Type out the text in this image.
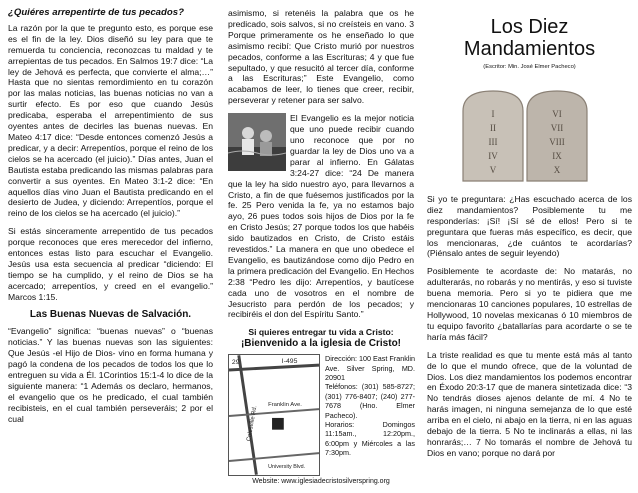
¿Quiéres arrepentirte de tus pecados?

La razón por la que te pregunto esto, es porque ese es el fin de la ley. Dios diseñó su ley para que te remuerda tu conciencia, reconozcas tu maldad y te arrepientas de tus pecados. En Salmos 19:7 dice: “La ley de Jehová es perfecta, que convierte el alma;…” Hasta que no sientas remordimiento en tu corazón por las malas noticias, las buenas noticias no van a surtir efecto. Es por eso que cuando Jesús predicaba, esperaba el arrepentimiento de sus oyentes antes de decirles las buenas nuevas. En Mateo 4:17 dice: “Desde entonces comenzó Jesús a predicar, y a decir: Arrepentíos, porque el reino de los cielos se ha acercado (el juicio).” Días antes, Juan el Bautista estaba predicando las mismas palabras para convertir a sus oyentes. En Mateo 3:1-2 dice: “En aquellos días vino Juan el Bautista predicando en el desierto de Judea, y diciendo: Arrepentíos, porque el reino de los cielos se ha acercado (el juicio).”

Si estás sinceramente arrepentido de tus pecados porque reconoces que eres merecedor del infierno, entonces estas listo para escuchar el Evangelio. Jesús usa esta secuencia al predicar “diciendo: El tiempo se ha cumplido, y el reino de Dios se ha acercado; arrepentíos, y creed en el evangelio.” Marcos 1:15.

Las Buenas Nuevas de Salvación.

“Evangelio” significa: “buenas nuevas” o “buenas noticias.” Y las buenas nuevas son las siguientes: Que Jesús -el Hijo de Dios- vino en forma humana y pagó la condena de los pecados de todos los que lo entreguen su vida a Él. 1Corintios 15:1-4 lo dice de la siguiente manera: “1 Además os declaro, hermanos, el evangelio que os he predicado, el cual también recibisteis, en el cual también perseveráis; 2 por el cual

asimismo, si retenéis la palabra que os he predicado, sois salvos, si no creísteis en vano. 3 Porque primeramente os he enseñado lo que asimismo recibí: Que Cristo murió por nuestros pecados, conforme a las Escrituras; 4 y que fue sepultado, y que resucitó al tercer día, conforme a las Escrituras;” Este Evangelio, como acabamos de leer, lo tienes que creer, recibir, perseverar y retener para ser salvo.

El Evangelio es la mejor noticia que uno puede recibir cuando uno reconoce que por no guardar la ley de Dios uno va a parar al infierno. En Gálatas 3:24-27 dice: “24 De manera que la ley ha sido nuestro ayo, para llevarnos a Cristo, a fin de que fuésemos justificados por la fe. 25 Pero venida la fe, ya no estamos bajo ayo, 26 pues todos sois hijos de Dios por la fe en Cristo Jesús; 27 porque todos los que habéis sido bautizados en Cristo, de Cristo estáis revestidos.” La manera en que uno obedece el Evangelio, es bautizándose como dijo Pedro en la primera predicación del Evangelio. En Hechos 2:38 “Pedro les dijo: Arrepentíos, y bautícese cada uno de vosotros en el nombre de Jesucristo para perdón de los pecados; y recibiréis el don del Espíritu Santo.”

Si quieres entregar tu vida a Cristo:
¡Bienvenido a la iglesia de Cristo!
29	I-495
Franklin Ave.
Colesville Rd.
University Blvd.
Dirección: 100 East Franklin Ave. Silver Spring, MD. 20901
Teléfonos: (301) 585-8727; (301) 776-8407; (240) 277-7678 (Hno. Elmer Pacheco).
Horarios: Domingos 11:15am., 12:20pm., 6:00pm y Miércoles a las 7:30pm.
Website: www.iglesiadecristosilverspring.org
Los Diez
Mandamientos
(Escritor: Min. José Elmer Pacheco)
I
II
III
IV
V
VI
VII
VIII
IX
X

Si yo te preguntara: ¿Has escuchado acerca de los diez mandamientos? Posiblemente tu me responderías: ¡Sí! ¡Sí sé de ellos! Pero si te preguntara que fueras más específico, es decir, que los mencionaras, ¿de cuántos te acordarías? (Piénsalo antes de seguir leyendo)

Posiblemente te acordaste de: No matarás, no adulterarás, no robarás y no mentirás, y eso si tuviste buena memoria. Pero si yo te pidiera que me mencionaras 10 canciones populares, 10 estrellas de Hollywood, 10 novelas mexicanas ó 10 miembros de tu equipo favorito ¿batallarías para acordarte o se te haría más fácil?

La triste realidad es que tu mente está más al tanto de lo que el mundo ofrece, que de la voluntad de Dios. Los diez mandamientos los podemos encontrar en Éxodo 20:3-17 que de manera sintetizada dice: “3 No tendrás dioses ajenos delante de mí. 4 No te harás imagen, ni ninguna semejanza de lo que esté arriba en el cielo, ni abajo en la tierra, ni en las aguas debajo de la tierra. 5 No te inclinarás a ellas, ni las honrarás;… 7 No tomarás el nombre de Jehová tu Dios en vano; porque no dará por
